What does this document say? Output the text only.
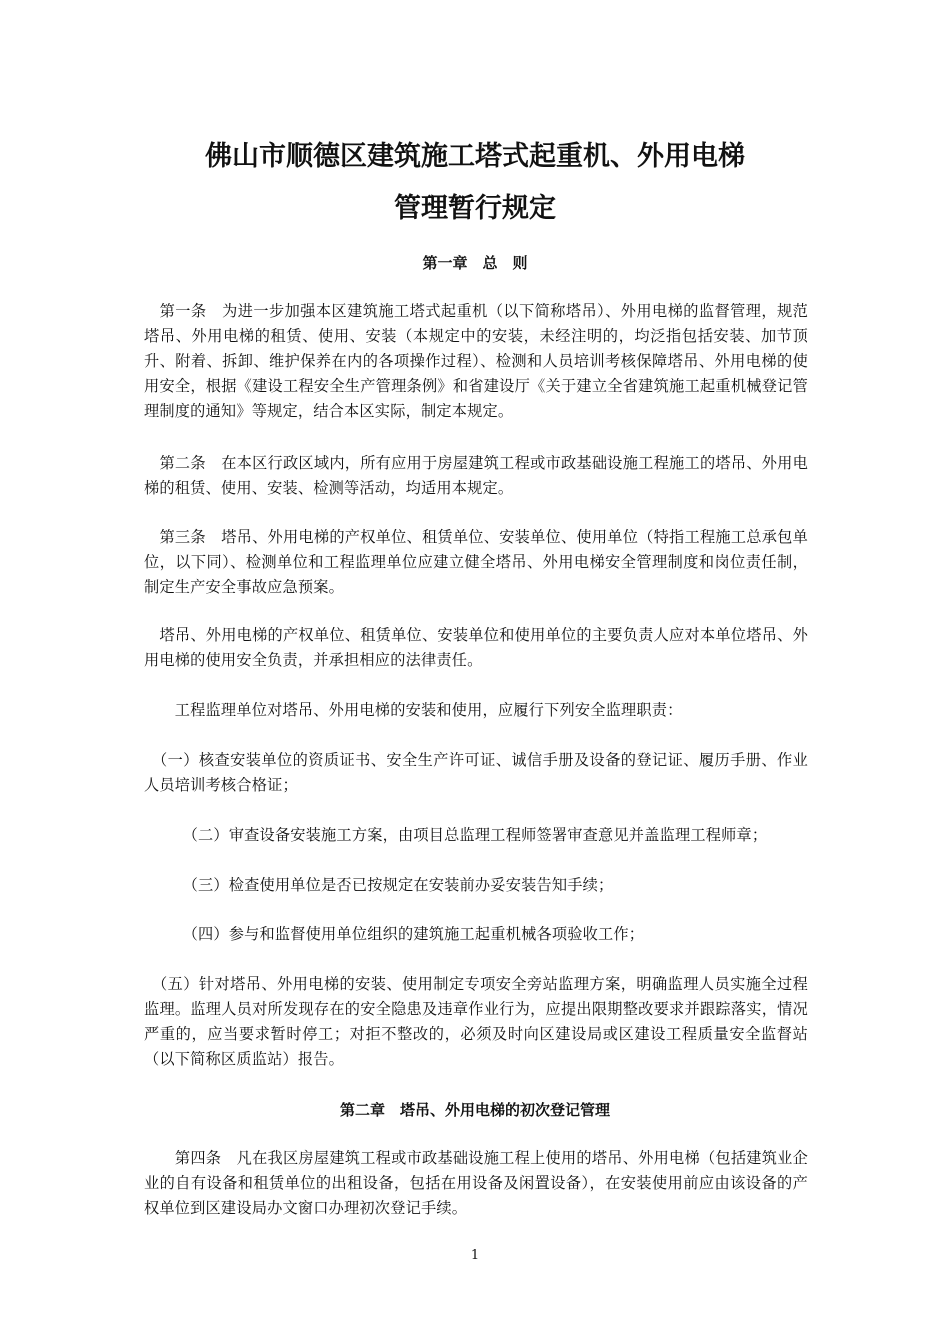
佛山市顺德区建筑施工塔式起重机、外用电梯
管理暂行规定
第一章　总　则
　第一条　为进一步加强本区建筑施工塔式起重机（以下简称塔吊）、外用电梯的监督管理，规范塔吊、外用电梯的租赁、使用、安装（本规定中的安装，未经注明的，均泛指包括安装、加节顶升、附着、拆卸、维护保养在内的各项操作过程）、检测和人员培训考核保障塔吊、外用电梯的使用安全，根据《建设工程安全生产管理条例》和省建设厅《关于建立全省建筑施工起重机械登记管理制度的通知》等规定，结合本区实际，制定本规定。
　第二条　在本区行政区域内，所有应用于房屋建筑工程或市政基础设施工程施工的塔吊、外用电梯的租赁、使用、安装、检测等活动，均适用本规定。
　第三条　塔吊、外用电梯的产权单位、租赁单位、安装单位、使用单位（特指工程施工总承包单位，以下同）、检测单位和工程监理单位应建立健全塔吊、外用电梯安全管理制度和岗位责任制，制定生产安全事故应急预案。
　塔吊、外用电梯的产权单位、租赁单位、安装单位和使用单位的主要负责人应对本单位塔吊、外用电梯的使用安全负责，并承担相应的法律责任。
　　工程监理单位对塔吊、外用电梯的安装和使用，应履行下列安全监理职责：
　（一）核查安装单位的资质证书、安全生产许可证、诚信手册及设备的登记证、履历手册、作业人员培训考核合格证；
　　　（二）审查设备安装施工方案，由项目总监理工程师签署审查意见并盖监理工程师章；
　　　（三）检查使用单位是否已按规定在安装前办妥安装告知手续；
　　　（四）参与和监督使用单位组织的建筑施工起重机械各项验收工作；
　（五）针对塔吊、外用电梯的安装、使用制定专项安全旁站监理方案，明确监理人员实施全过程监理。监理人员对所发现存在的安全隐患及违章作业行为，应提出限期整改要求并跟踪落实，情况严重的，应当要求暂时停工；对拒不整改的，必须及时向区建设局或区建设工程质量安全监督站（以下简称区质监站）报告。
第二章　塔吊、外用电梯的初次登记管理
　　第四条　凡在我区房屋建筑工程或市政基础设施工程上使用的塔吊、外用电梯（包括建筑业企业的自有设备和租赁单位的出租设备，包括在用设备及闲置设备），在安装使用前应由该设备的产权单位到区建设局办文窗口办理初次登记手续。
1
